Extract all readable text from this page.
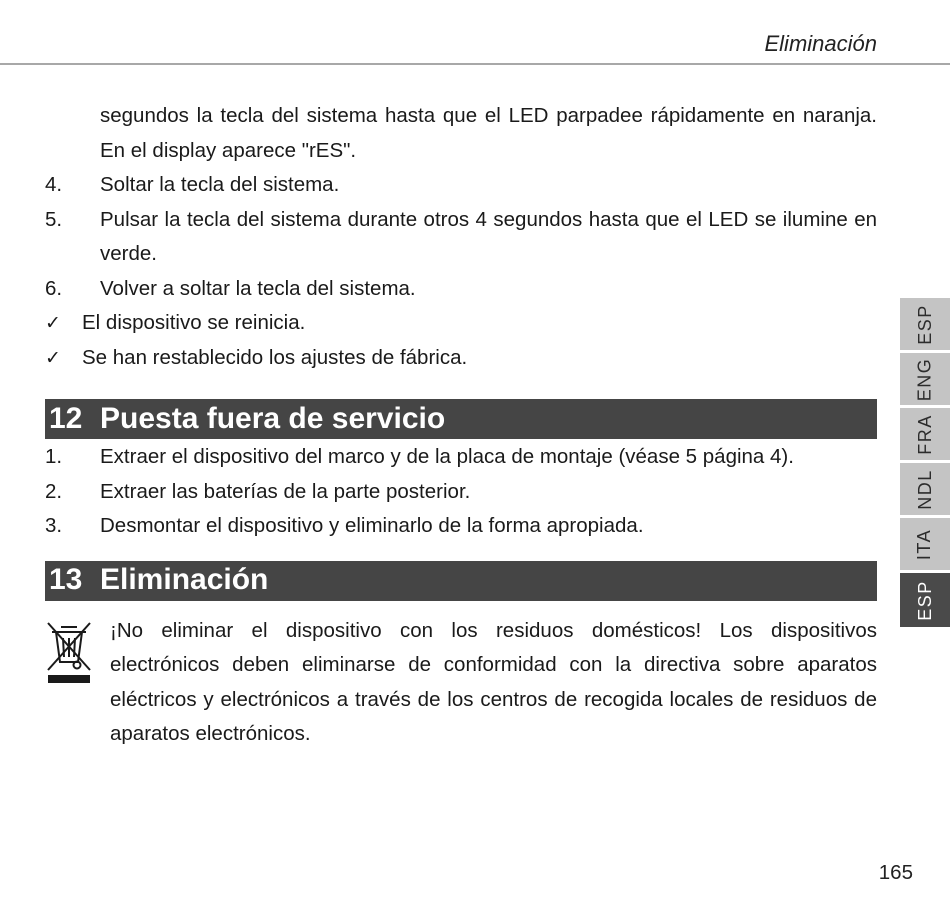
Eliminación

segundos la tecla del sistema hasta que el LED parpadee rápidamente en naranja. En el display aparece "rES".

4.	Soltar la tecla del sistema.
5.	Pulsar la tecla del sistema durante otros 4 segundos hasta que el LED se ilumine en verde.
6.	Volver a soltar la tecla del sistema.
✓	El dispositivo se reinicia.
✓	Se han restablecido los ajustes de fábrica.
12 Puesta fuera de servicio
1.	Extraer el dispositivo del marco y de la placa de montaje (véase 5 página 4).
2.	Extraer las baterías de la parte posterior.
3.	Desmontar el dispositivo y eliminarlo de la forma apropiada.
13 Eliminación
¡No eliminar el dispositivo con los residuos domésticos! Los dispositivos electrónicos deben eliminarse de conformidad con la directiva sobre aparatos eléctricos y electrónicos a través de los centros de recogida locales de residuos de aparatos electrónicos.
ESP
ENG
FRA
NDL
ITA
ESP
165
